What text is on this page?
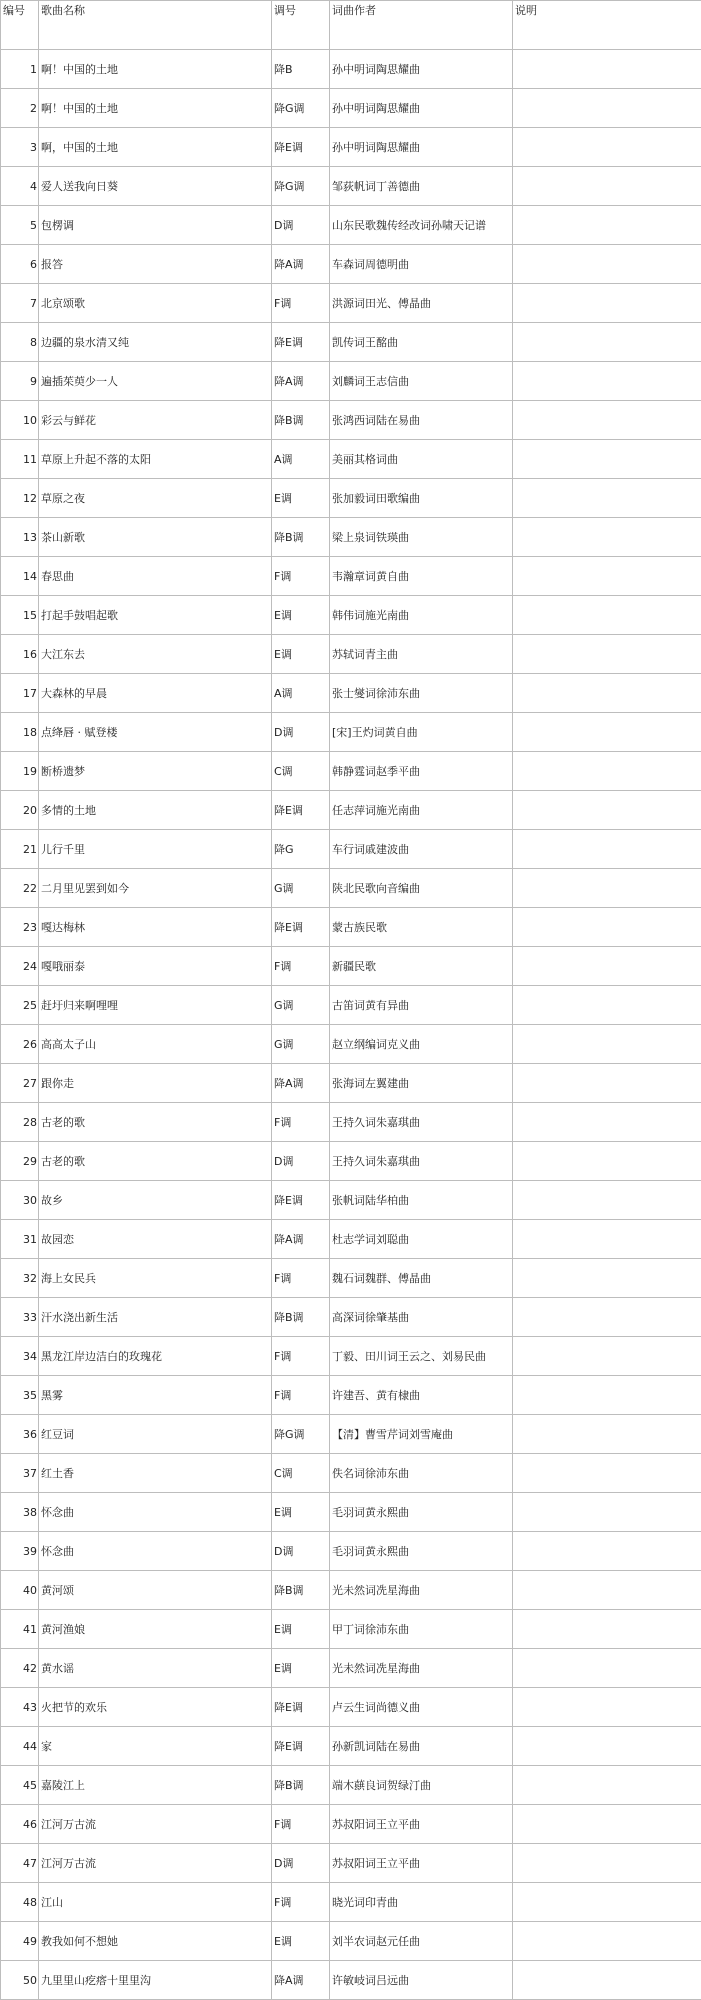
编号	歌曲名称	调号	词曲作者	说明
1	啊！中国的土地	降B	孙中明词陶思耀曲	
2	啊！中国的土地	降G调	孙中明词陶思耀曲	
3	啊，中国的土地	降E调	孙中明词陶思耀曲	
4	爱人送我向日葵	降G调	邹荻帆词丁善德曲	
5	包楞调	D调	山东民歌魏传经改词孙啸天记谱	
6	报答	降A调	车森词周德明曲	
7	北京颂歌	F调	洪源词田光、傅晶曲	
8	边疆的泉水清又纯	降E调	凯传词王酩曲	
9	遍插茱萸少一人	降A调	刘麟词王志信曲	
10	彩云与鲜花	降B调	张鸿西词陆在易曲	
11	草原上升起不落的太阳	A调	美丽其格词曲	
12	草原之夜	E调	张加毅词田歌编曲	
13	茶山新歌	降B调	梁上泉词铁瑛曲	
14	春思曲	F调	韦瀚章词黄自曲	
15	打起手鼓唱起歌	E调	韩伟词施光南曲	
16	大江东去	E调	苏轼词青主曲	
17	大森林的早晨	A调	张士燮词徐沛东曲	
18	点绛唇 · 赋登楼	D调	[宋]王灼词黄自曲	
19	断桥遗梦	C调	韩静霆词赵季平曲	
20	多情的土地	降E调	任志萍词施光南曲	
21	儿行千里	降G	车行词戚建波曲	
22	二月里见罢到如今	G调	陕北民歌向音编曲	
23	嘎达梅林	降E调	蒙古族民歌	
24	嘎哦丽泰	F调	新疆民歌	
25	赶圩归来啊哩哩	G调	古笛词黄有异曲	
26	高高太子山	G调	赵立纲编词克义曲	
27	跟你走	降A调	张海词左翼建曲	
28	古老的歌	F调	王持久词朱嘉琪曲	
29	古老的歌	D调	王持久词朱嘉琪曲	
30	故乡	降E调	张帆词陆华柏曲	
31	故园恋	降A调	杜志学词刘聪曲	
32	海上女民兵	F调	魏石词魏群、傅晶曲	
33	汗水浇出新生活	降B调	高深词徐肇基曲	
34	黑龙江岸边洁白的玫瑰花	F调	丁毅、田川词王云之、刘易民曲	
35	黑雾	F调	许建吾、黄有棣曲	
36	红豆词	降G调	【清】曹雪芹词刘雪庵曲	
37	红土香	C调	佚名词徐沛东曲	
38	怀念曲	E调	毛羽词黄永熙曲	
39	怀念曲	D调	毛羽词黄永熙曲	
40	黄河颂	降B调	光未然词冼星海曲	
41	黄河渔娘	E调	甲丁词徐沛东曲	
42	黄水谣	E调	光未然词冼星海曲	
43	火把节的欢乐	降E调	卢云生词尚德义曲	
44	家	降E调	孙新凯词陆在易曲	
45	嘉陵江上	降B调	端木蕻良词贺绿汀曲	
46	江河万古流	F调	苏叔阳词王立平曲	
47	江河万古流	D调	苏叔阳词王立平曲	
48	江山	F调	晓光词印青曲	
49	教我如何不想她	E调	刘半农词赵元任曲	
50	九里里山疙瘩十里里沟	降A调	许敏岐词吕远曲	
